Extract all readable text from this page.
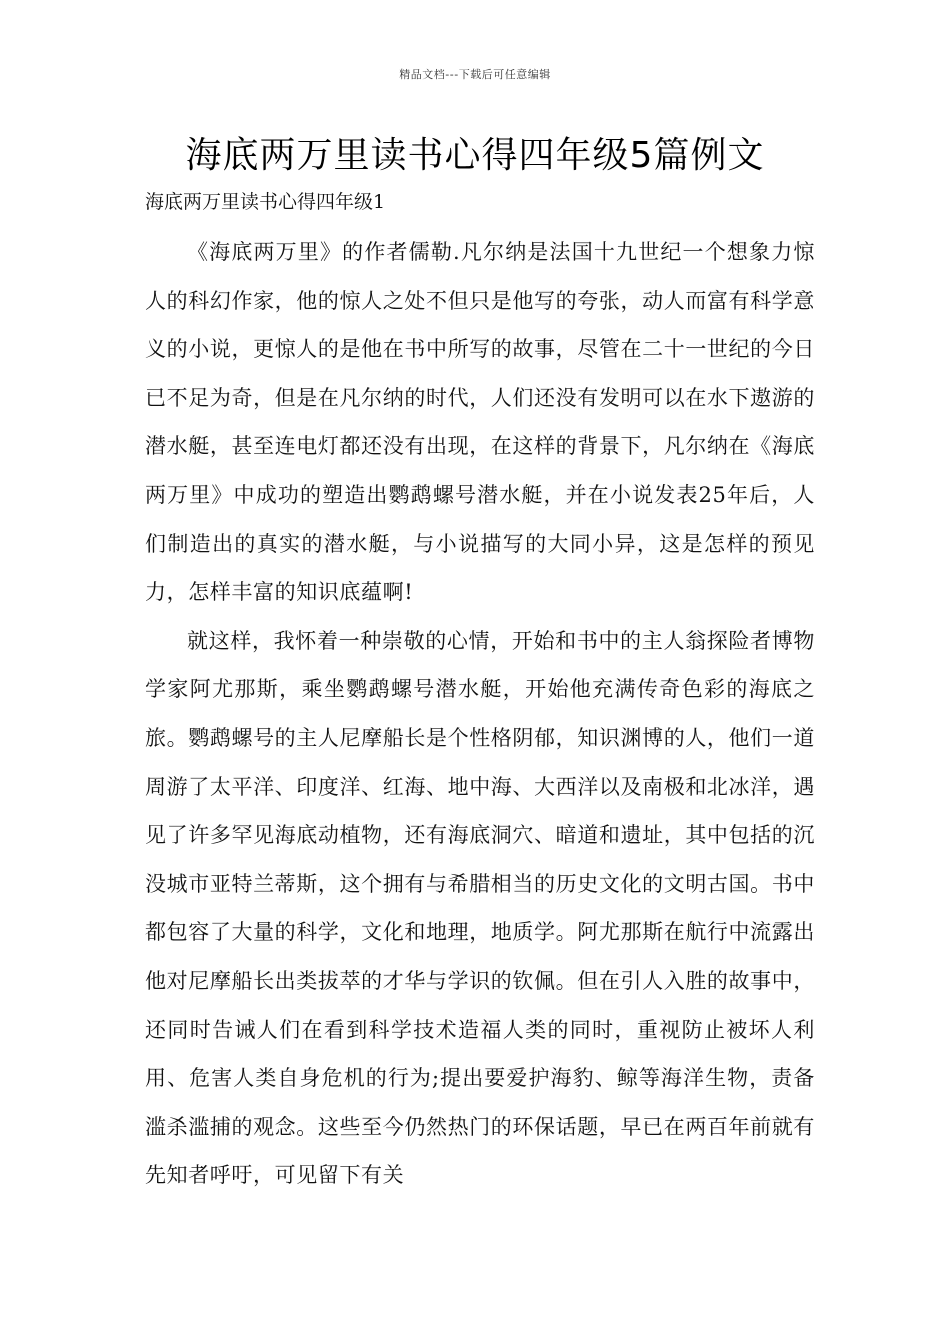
精品文档---下载后可任意编辑
海底两万里读书心得四年级5篇例文
海底两万里读书心得四年级1

《海底两万里》的作者儒勒.凡尔纳是法国十九世纪一个想象力惊人的科幻作家，他的惊人之处不但只是他写的夸张，动人而富有科学意义的小说，更惊人的是他在书中所写的故事，尽管在二十一世纪的今日已不足为奇，但是在凡尔纳的时代，人们还没有发明可以在水下遨游的潜水艇，甚至连电灯都还没有出现，在这样的背景下，凡尔纳在《海底两万里》中成功的塑造出鹦鹉螺号潜水艇，并在小说发表25年后，人们制造出的真实的潜水艇，与小说描写的大同小异，这是怎样的预见力，怎样丰富的知识底蕴啊!

就这样，我怀着一种崇敬的心情，开始和书中的主人翁探险者博物学家阿尤那斯，乘坐鹦鹉螺号潜水艇，开始他充满传奇色彩的海底之旅。鹦鹉螺号的主人尼摩船长是个性格阴郁，知识渊博的人，他们一道周游了太平洋、印度洋、红海、地中海、大西洋以及南极和北冰洋，遇见了许多罕见海底动植物，还有海底洞穴、暗道和遗址，其中包括的沉没城市亚特兰蒂斯，这个拥有与希腊相当的历史文化的文明古国。书中都包容了大量的科学，文化和地理，地质学。阿尤那斯在航行中流露出他对尼摩船长出类拔萃的才华与学识的钦佩。但在引人入胜的故事中，还同时告诫人们在看到科学技术造福人类的同时，重视防止被坏人利用、危害人类自身危机的行为;提出要爱护海豹、鲸等海洋生物，责备滥杀滥捕的观念。这些至今仍然热门的环保话题，早已在两百年前就有先知者呼吁，可见留下有关
